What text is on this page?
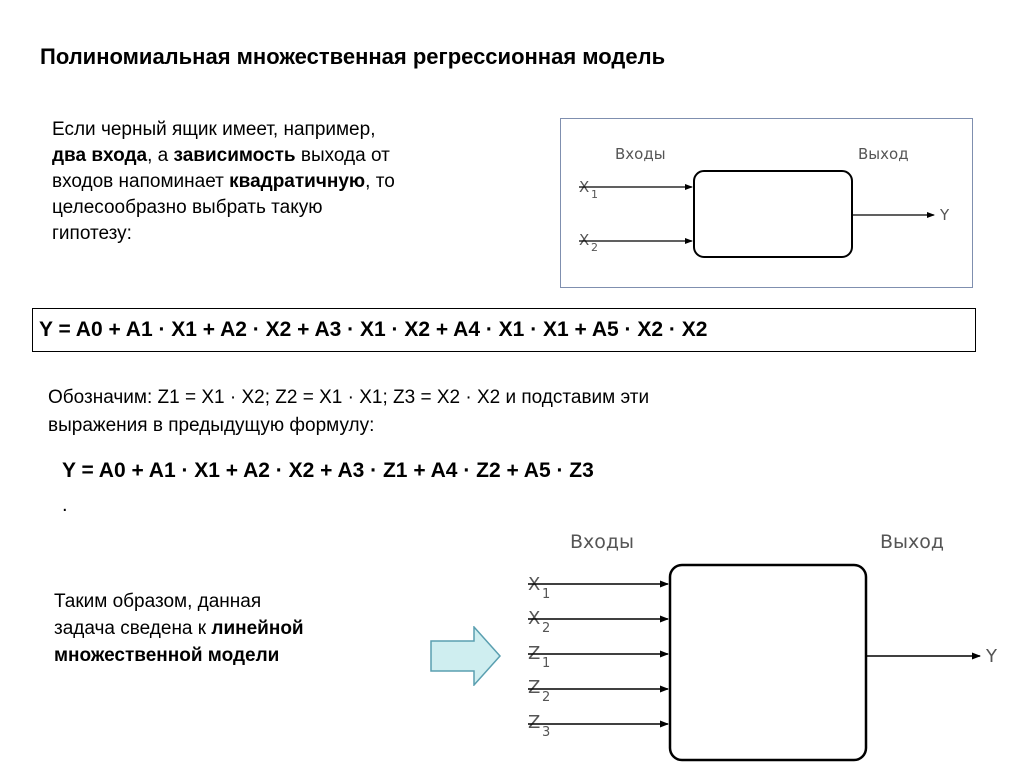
Полиномиальная множественная регрессионная модель
Если черный ящик имеет, например,
два входа, а зависимость выхода от
входов напоминает квадратичную, то
целесообразно выбрать такую
гипотезу:
Входы	Выход
X 1
X 2
Y
Y = A0 + A1 · X1 + A2 · X2 + A3 · X1 · X2 + A4 · X1 · X1 + A5 · X2 · X2
Обозначим: Z1 = X1 · X2; Z2 = X1 · X1; Z3 = X2 · X2 и подставим эти
выражения в предыдущую формулу:
Y = A0 + A1 · X1 + A2 · X2 + A3 · Z1 + A4 · Z2 + A5 · Z3
.
Таким образом, данная
задача сведена к линейной
множественной модели
Входы	Выход
X 1
X 2
Z 1
Z 2
Z 3
Y
